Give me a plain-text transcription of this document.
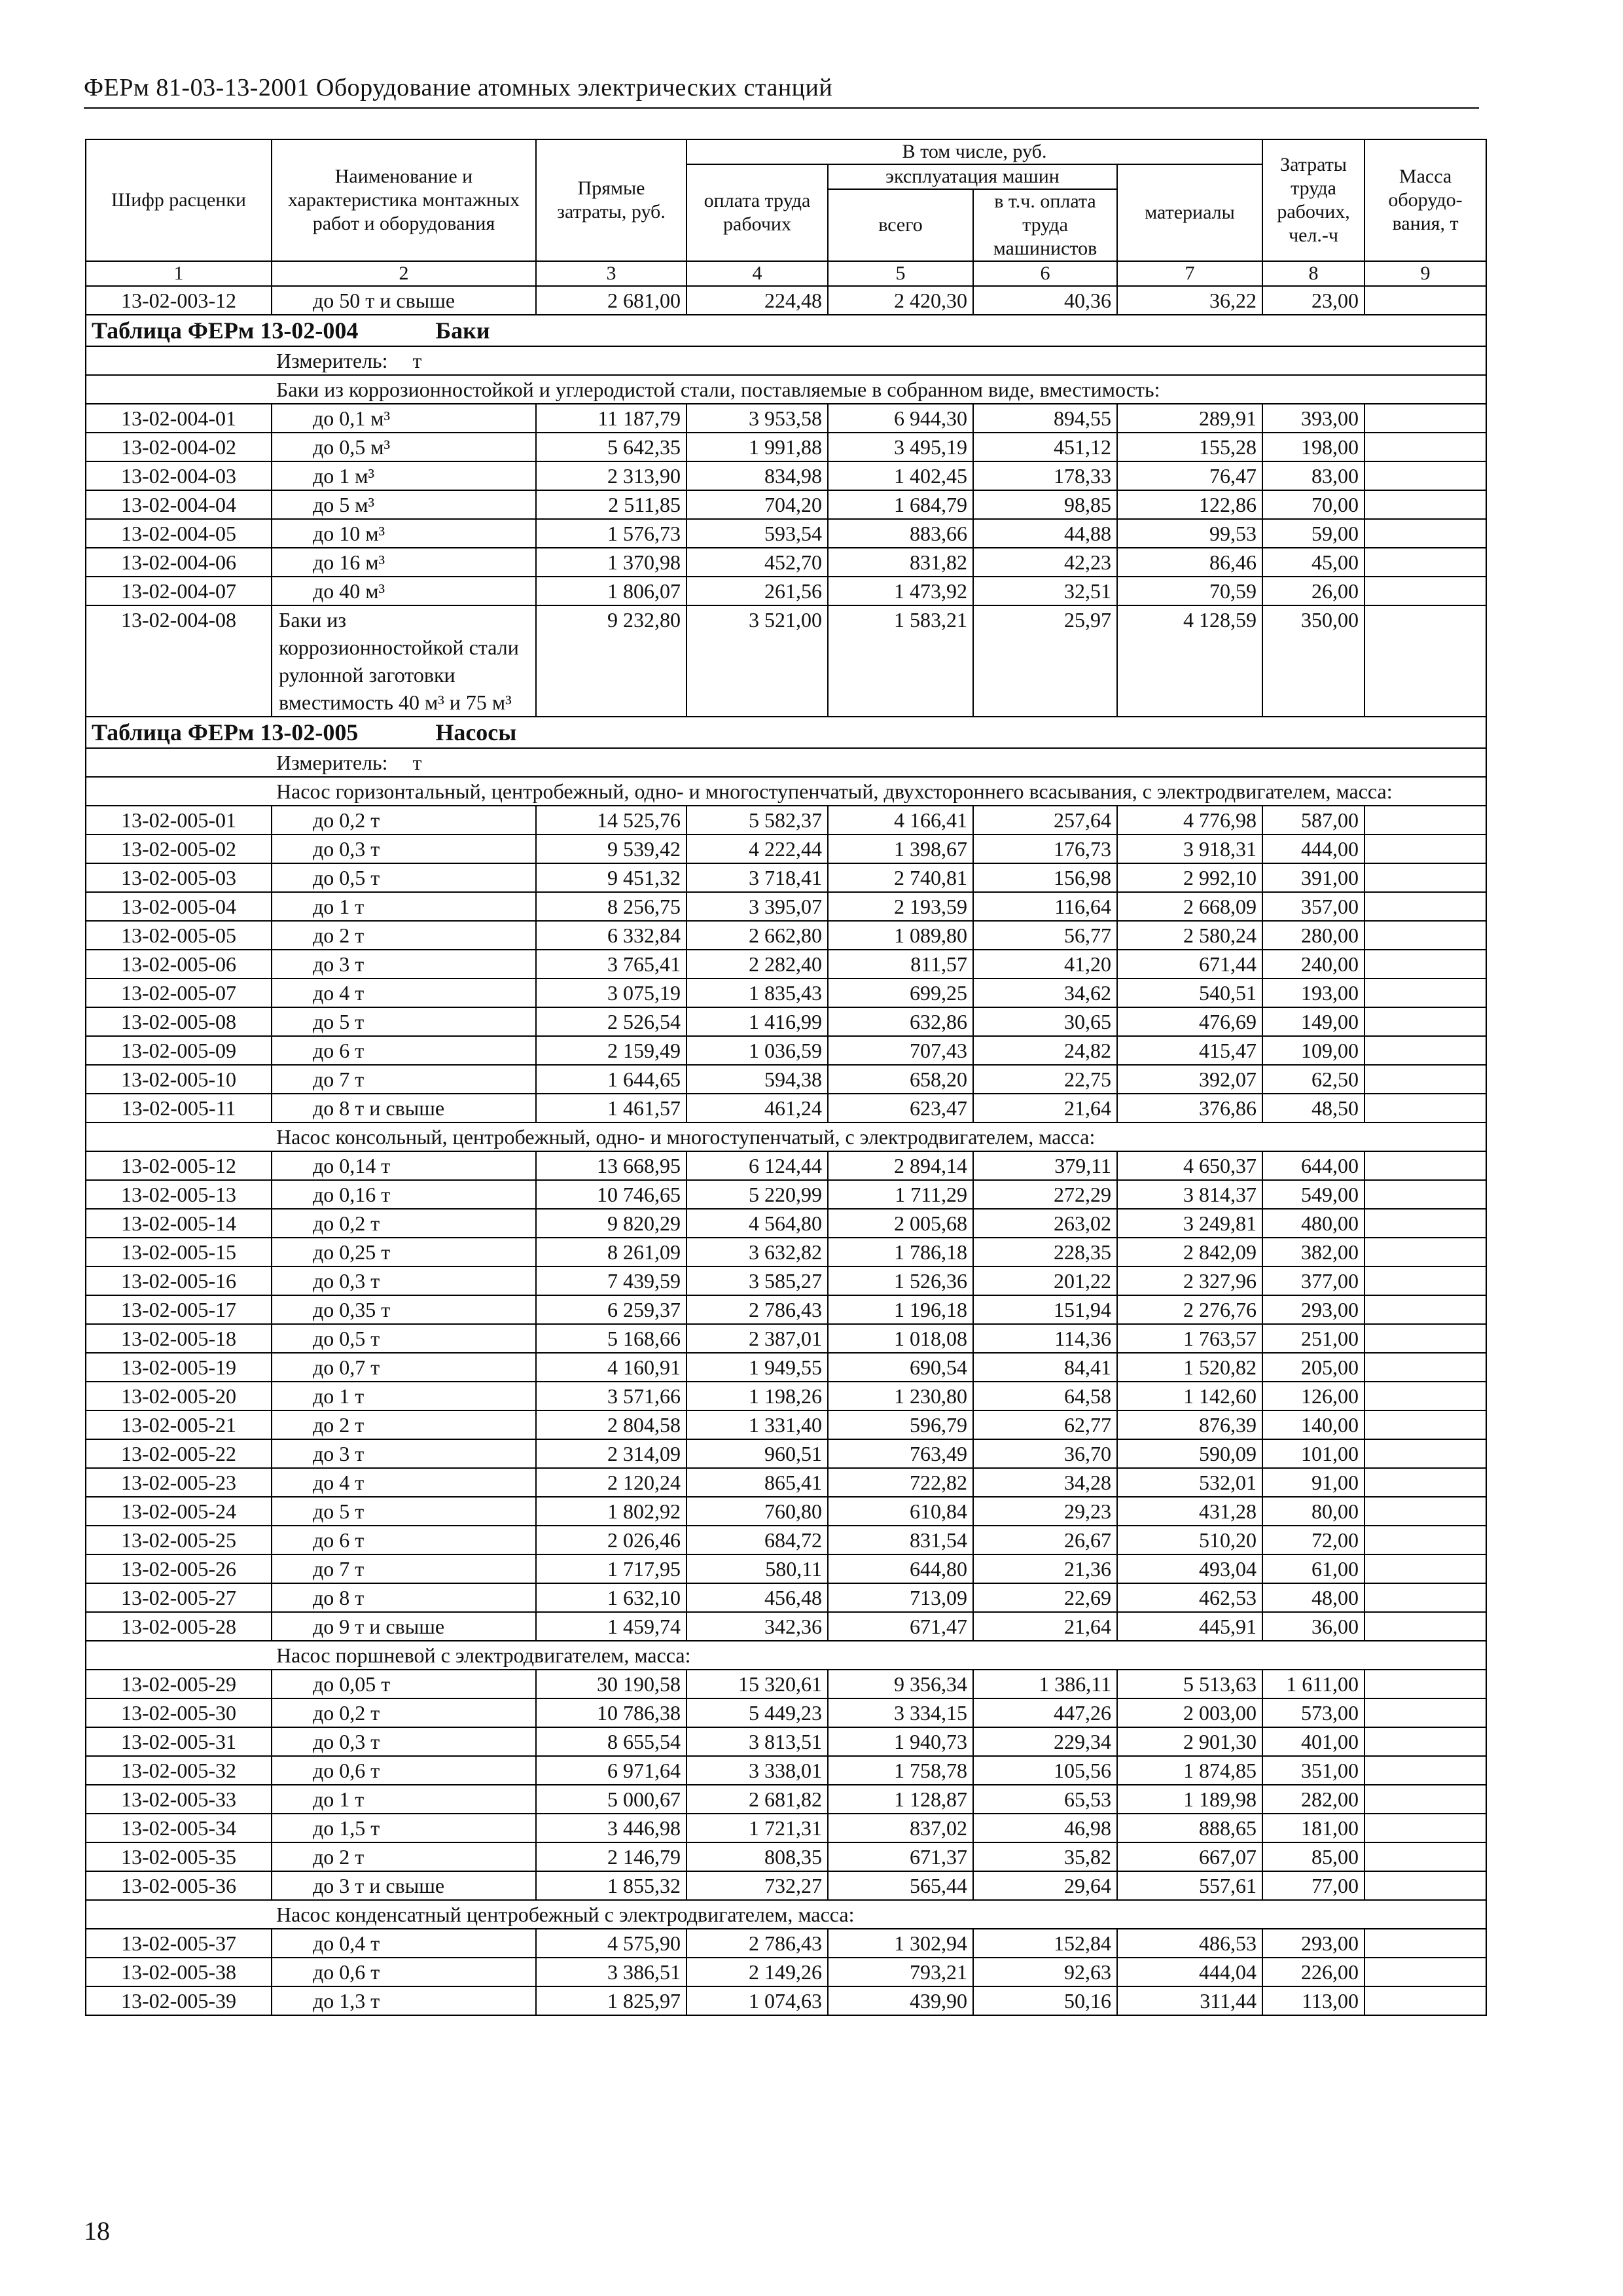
ФЕРм 81-03-13-2001 Оборудование атомных электрических станций
Шифр расценки	Наименование и характеристика монтажных работ и оборудования	Прямые затраты, руб.	В том числе, руб.				Затраты труда рабочих, чел.-ч	Масса оборудо-вания, т
			оплата труда рабочих	эксплуатация машин		материалы		
				всего	в т.ч. оплата труда машинистов			
1	2	3	4	5	6	7	8	9
13-02-003-12	до 50 т и свыше	2 681,00	224,48	2 420,30	40,36	36,22	23,00	
Таблица ФЕРм 13-02-004 Баки								
Измеритель: т								
Баки из коррозионностойкой и углеродистой стали, поставляемые в собранном виде, вместимость:								
13-02-004-01	до 0,1 м³	11 187,79	3 953,58	6 944,30	894,55	289,91	393,00	
13-02-004-02	до 0,5 м³	5 642,35	1 991,88	3 495,19	451,12	155,28	198,00	
13-02-004-03	до 1 м³	2 313,90	834,98	1 402,45	178,33	76,47	83,00	
13-02-004-04	до 5 м³	2 511,85	704,20	1 684,79	98,85	122,86	70,00	
13-02-004-05	до 10 м³	1 576,73	593,54	883,66	44,88	99,53	59,00	
13-02-004-06	до 16 м³	1 370,98	452,70	831,82	42,23	86,46	45,00	
13-02-004-07	до 40 м³	1 806,07	261,56	1 473,92	32,51	70,59	26,00	
13-02-004-08	Баки из коррозионностойкой стали рулонной заготовки вместимость 40 м³ и 75 м³	9 232,80	3 521,00	1 583,21	25,97	4 128,59	350,00	
Таблица ФЕРм 13-02-005 Насосы								
Измеритель: т								
Насос горизонтальный, центробежный, одно- и многоступенчатый, двухстороннего всасывания, с электродвигателем, масса:								
13-02-005-01	до 0,2 т	14 525,76	5 582,37	4 166,41	257,64	4 776,98	587,00	
13-02-005-02	до 0,3 т	9 539,42	4 222,44	1 398,67	176,73	3 918,31	444,00	
13-02-005-03	до 0,5 т	9 451,32	3 718,41	2 740,81	156,98	2 992,10	391,00	
13-02-005-04	до 1 т	8 256,75	3 395,07	2 193,59	116,64	2 668,09	357,00	
13-02-005-05	до 2 т	6 332,84	2 662,80	1 089,80	56,77	2 580,24	280,00	
13-02-005-06	до 3 т	3 765,41	2 282,40	811,57	41,20	671,44	240,00	
13-02-005-07	до 4 т	3 075,19	1 835,43	699,25	34,62	540,51	193,00	
13-02-005-08	до 5 т	2 526,54	1 416,99	632,86	30,65	476,69	149,00	
13-02-005-09	до 6 т	2 159,49	1 036,59	707,43	24,82	415,47	109,00	
13-02-005-10	до 7 т	1 644,65	594,38	658,20	22,75	392,07	62,50	
13-02-005-11	до 8 т и свыше	1 461,57	461,24	623,47	21,64	376,86	48,50	
Насос консольный, центробежный, одно- и многоступенчатый, с электродвигателем, масса:								
13-02-005-12	до 0,14 т	13 668,95	6 124,44	2 894,14	379,11	4 650,37	644,00	
13-02-005-13	до 0,16 т	10 746,65	5 220,99	1 711,29	272,29	3 814,37	549,00	
13-02-005-14	до 0,2 т	9 820,29	4 564,80	2 005,68	263,02	3 249,81	480,00	
13-02-005-15	до 0,25 т	8 261,09	3 632,82	1 786,18	228,35	2 842,09	382,00	
13-02-005-16	до 0,3 т	7 439,59	3 585,27	1 526,36	201,22	2 327,96	377,00	
13-02-005-17	до 0,35 т	6 259,37	2 786,43	1 196,18	151,94	2 276,76	293,00	
13-02-005-18	до 0,5 т	5 168,66	2 387,01	1 018,08	114,36	1 763,57	251,00	
13-02-005-19	до 0,7 т	4 160,91	1 949,55	690,54	84,41	1 520,82	205,00	
13-02-005-20	до 1 т	3 571,66	1 198,26	1 230,80	64,58	1 142,60	126,00	
13-02-005-21	до 2 т	2 804,58	1 331,40	596,79	62,77	876,39	140,00	
13-02-005-22	до 3 т	2 314,09	960,51	763,49	36,70	590,09	101,00	
13-02-005-23	до 4 т	2 120,24	865,41	722,82	34,28	532,01	91,00	
13-02-005-24	до 5 т	1 802,92	760,80	610,84	29,23	431,28	80,00	
13-02-005-25	до 6 т	2 026,46	684,72	831,54	26,67	510,20	72,00	
13-02-005-26	до 7 т	1 717,95	580,11	644,80	21,36	493,04	61,00	
13-02-005-27	до 8 т	1 632,10	456,48	713,09	22,69	462,53	48,00	
13-02-005-28	до 9 т и свыше	1 459,74	342,36	671,47	21,64	445,91	36,00	
Насос поршневой с электродвигателем, масса:								
13-02-005-29	до 0,05 т	30 190,58	15 320,61	9 356,34	1 386,11	5 513,63	1 611,00	
13-02-005-30	до 0,2 т	10 786,38	5 449,23	3 334,15	447,26	2 003,00	573,00	
13-02-005-31	до 0,3 т	8 655,54	3 813,51	1 940,73	229,34	2 901,30	401,00	
13-02-005-32	до 0,6 т	6 971,64	3 338,01	1 758,78	105,56	1 874,85	351,00	
13-02-005-33	до 1 т	5 000,67	2 681,82	1 128,87	65,53	1 189,98	282,00	
13-02-005-34	до 1,5 т	3 446,98	1 721,31	837,02	46,98	888,65	181,00	
13-02-005-35	до 2 т	2 146,79	808,35	671,37	35,82	667,07	85,00	
13-02-005-36	до 3 т и свыше	1 855,32	732,27	565,44	29,64	557,61	77,00	
Насос конденсатный центробежный с электродвигателем, масса:								
13-02-005-37	до 0,4 т	4 575,90	2 786,43	1 302,94	152,84	486,53	293,00	
13-02-005-38	до 0,6 т	3 386,51	2 149,26	793,21	92,63	444,04	226,00	
13-02-005-39	до 1,3 т	1 825,97	1 074,63	439,90	50,16	311,44	113,00	
18
